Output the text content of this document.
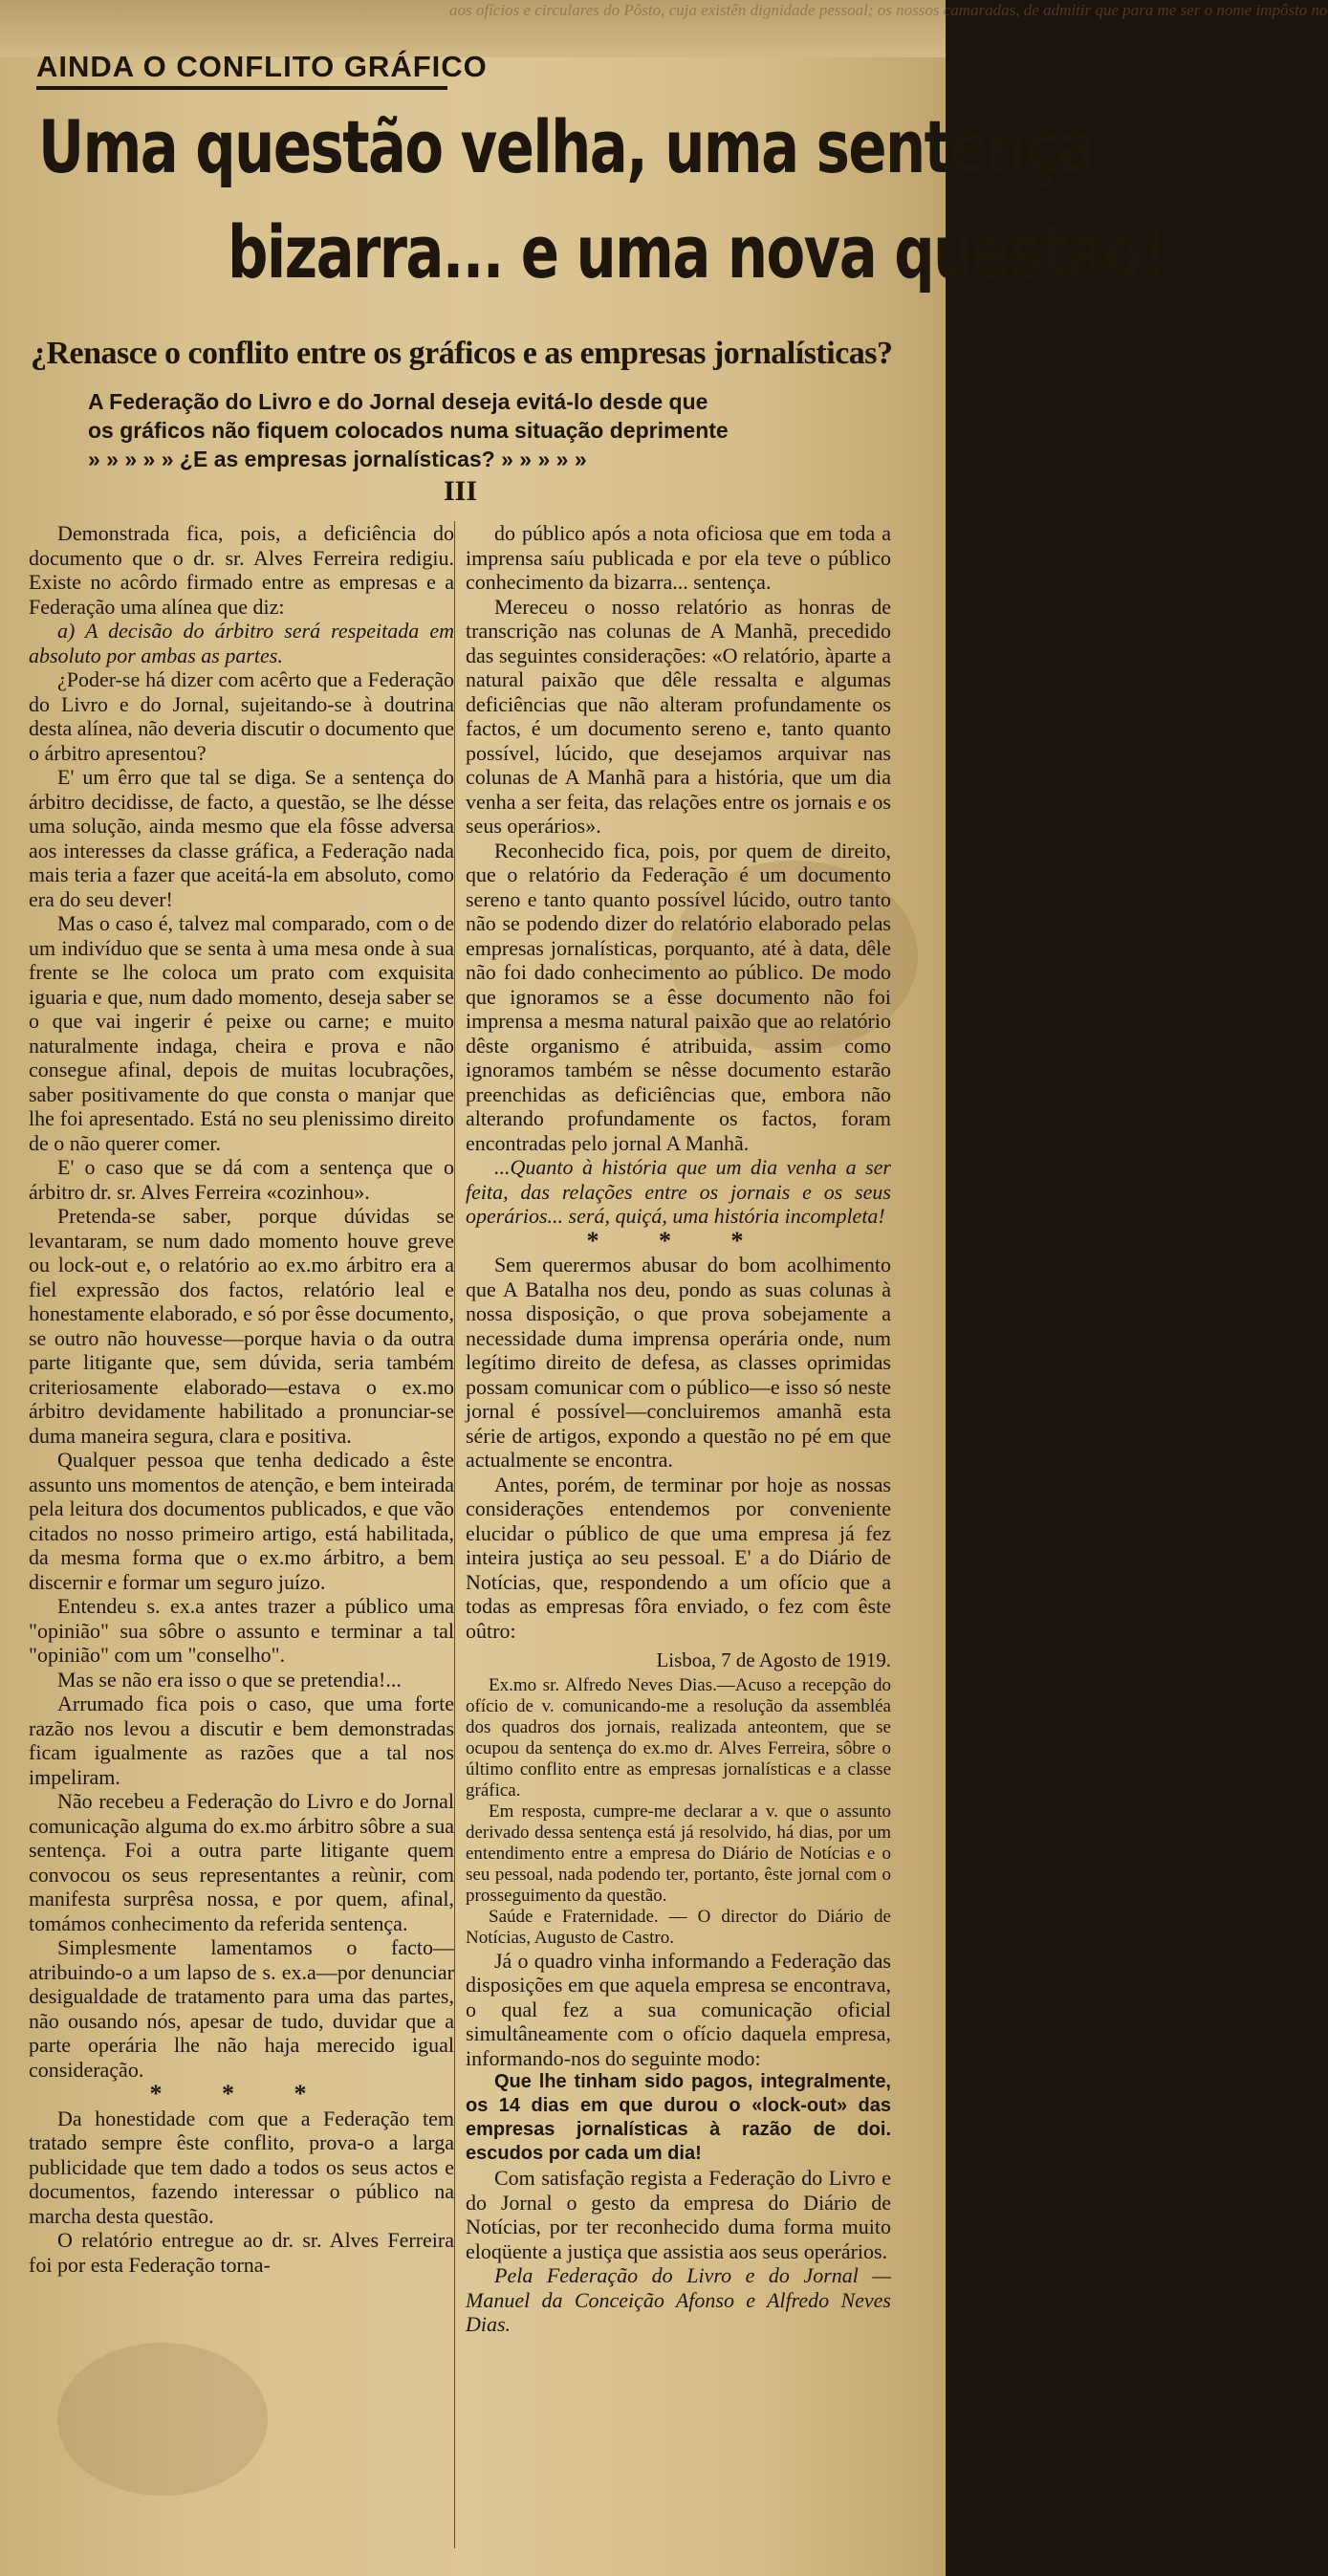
aos ofícios e circulares do Pôsto, cuja existên dignidade pessoal; os nossos camaradas, de admitir que para me ser o nome impôsto no
AINDA O CONFLITO GRÁFICO
Uma questão velha, uma sentença
bizarra... e uma nova questão!
¿Renasce o conflito entre os gráficos e as empresas jornalísticas?
A Federação do Livro e do Jornal deseja evitá-lo desde que
os gráficos não fiquem colocados numa situação deprimente
» » » » » ¿E as empresas jornalísticas? » » » » »
III

Demonstrada fica, pois, a deficiência do documento que o dr. sr. Alves Ferreira redigiu. Existe no acôrdo firmado entre as empresas e a Federação uma alínea que diz:

a) A decisão do árbitro será respeitada em absoluto por ambas as partes.

¿Poder-se há dizer com acêrto que a Federação do Livro e do Jornal, sujeitando-se à doutrina desta alínea, não deveria discutir o documento que o árbitro apresentou?

E' um êrro que tal se diga. Se a sentença do árbitro decidisse, de facto, a questão, se lhe désse uma solução, ainda mesmo que ela fôsse adversa aos interesses da classe gráfica, a Federação nada mais teria a fazer que aceitá-la em absoluto, como era do seu dever!

Mas o caso é, talvez mal comparado, com o de um indivíduo que se senta à uma mesa onde à sua frente se lhe coloca um prato com exquisita iguaria e que, num dado momento, deseja saber se o que vai ingerir é peixe ou carne; e muito naturalmente indaga, cheira e prova e não consegue afinal, depois de muitas locubrações, saber positivamente do que consta o manjar que lhe foi apresentado. Está no seu plenissimo direito de o não querer comer.

E' o caso que se dá com a sentença que o árbitro dr. sr. Alves Ferreira «cozinhou».

Pretenda-se saber, porque dúvidas se levantaram, se num dado momento houve greve ou lock-out e, o relatório ao ex.mo árbitro era a fiel expressão dos factos, relatório leal e honestamente elaborado, e só por êsse documento, se outro não houvesse—porque havia o da outra parte litigante que, sem dúvida, seria também criteriosamente elaborado—estava o ex.mo árbitro devidamente habilitado a pronunciar-se duma maneira segura, clara e positiva.

Qualquer pessoa que tenha dedicado a êste assunto uns momentos de atenção, e bem inteirada pela leitura dos documentos publicados, e que vão citados no nosso primeiro artigo, está habilitada, da mesma forma que o ex.mo árbitro, a bem discernir e formar um seguro juízo.

Entendeu s. ex.a antes trazer a público uma "opinião" sua sôbre o assunto e terminar a tal "opinião" com um "conselho".

Mas se não era isso o que se pretendia!...

Arrumado fica pois o caso, que uma forte razão nos levou a discutir e bem demonstradas ficam igualmente as razões que a tal nos impeliram.

Não recebeu a Federação do Livro e do Jornal comunicação alguma do ex.mo árbitro sôbre a sua sentença. Foi a outra parte litigante quem convocou os seus representantes a reùnir, com manifesta surprêsa nossa, e por quem, afinal, tomámos conhecimento da referida sentença.

Simplesmente lamentamos o facto—atribuindo-o a um lapso de s. ex.a—por denunciar desigualdade de tratamento para uma das partes, não ousando nós, apesar de tudo, duvidar que a parte operária lhe não haja merecido igual consideração.

* * *

Da honestidade com que a Federação tem tratado sempre êste conflito, prova-o a larga publicidade que tem dado a todos os seus actos e documentos, fazendo interessar o público na marcha desta questão.

O relatório entregue ao dr. sr. Alves Ferreira foi por esta Federação torna-

do público após a nota oficiosa que em toda a imprensa saíu publicada e por ela teve o público conhecimento da bizarra... sentença.

Mereceu o nosso relatório as honras de transcrição nas colunas de A Manhã, precedido das seguintes considerações: «O relatório, àparte a natural paixão que dêle ressalta e algumas deficiências que não alteram profundamente os factos, é um documento sereno e, tanto quanto possível, lúcido, que desejamos arquivar nas colunas de A Manhã para a história, que um dia venha a ser feita, das relações entre os jornais e os seus operários».

Reconhecido fica, pois, por quem de direito, que o relatório da Federação é um documento sereno e tanto quanto possível lúcido, outro tanto não se podendo dizer do relatório elaborado pelas empresas jornalísticas, porquanto, até à data, dêle não foi dado conhecimento ao público. De modo que ignoramos se a êsse documento não foi imprensa a mesma natural paixão que ao relatório dêste organismo é atribuida, assim como ignoramos também se nêsse documento estarão preenchidas as deficiências que, embora não alterando profundamente os factos, foram encontradas pelo jornal A Manhã.

...Quanto à história que um dia venha a ser feita, das relações entre os jornais e os seus operários... será, quiçá, uma história incompleta!

* * *

Sem querermos abusar do bom acolhimento que A Batalha nos deu, pondo as suas colunas à nossa disposição, o que prova sobejamente a necessidade duma imprensa operária onde, num legítimo direito de defesa, as classes oprimidas possam comunicar com o público—e isso só neste jornal é possível—concluiremos amanhã esta série de artigos, expondo a questão no pé em que actualmente se encontra.

Antes, porém, de terminar por hoje as nossas considerações entendemos por conveniente elucidar o público de que uma empresa já fez inteira justiça ao seu pessoal. E' a do Diário de Notícias, que, respondendo a um ofício que a todas as empresas fôra enviado, o fez com êste oûtro:

Lisboa, 7 de Agosto de 1919.

Ex.mo sr. Alfredo Neves Dias.—Acuso a recepção do ofício de v. comunicando-me a resolução da assembléa dos quadros dos jornais, realizada anteontem, que se ocupou da sentença do ex.mo dr. Alves Ferreira, sôbre o último conflito entre as empresas jornalísticas e a classe gráfica.

Em resposta, cumpre-me declarar a v. que o assunto derivado dessa sentença está já resolvido, há dias, por um entendimento entre a empresa do Diário de Notícias e o seu pessoal, nada podendo ter, portanto, êste jornal com o prosseguimento da questão.

Saúde e Fraternidade. — O director do Diário de Notícias, Augusto de Castro.

Já o quadro vinha informando a Federação das disposições em que aquela empresa se encontrava, o qual fez a sua comunicação oficial simultâneamente com o ofício daquela empresa, informando-nos do seguinte modo:

Que lhe tinham sido pagos, integralmente, os 14 dias em que durou o «lock-out» das empresas jornalísticas à razão de doi. escudos por cada um dia!

Com satisfação regista a Federação do Livro e do Jornal o gesto da empresa do Diário de Notícias, por ter reconhecido duma forma muito eloqüente a justiça que assistia aos seus operários.

Pela Federação do Livro e do Jornal — Manuel da Conceição Afonso e Alfredo Neves Dias.
